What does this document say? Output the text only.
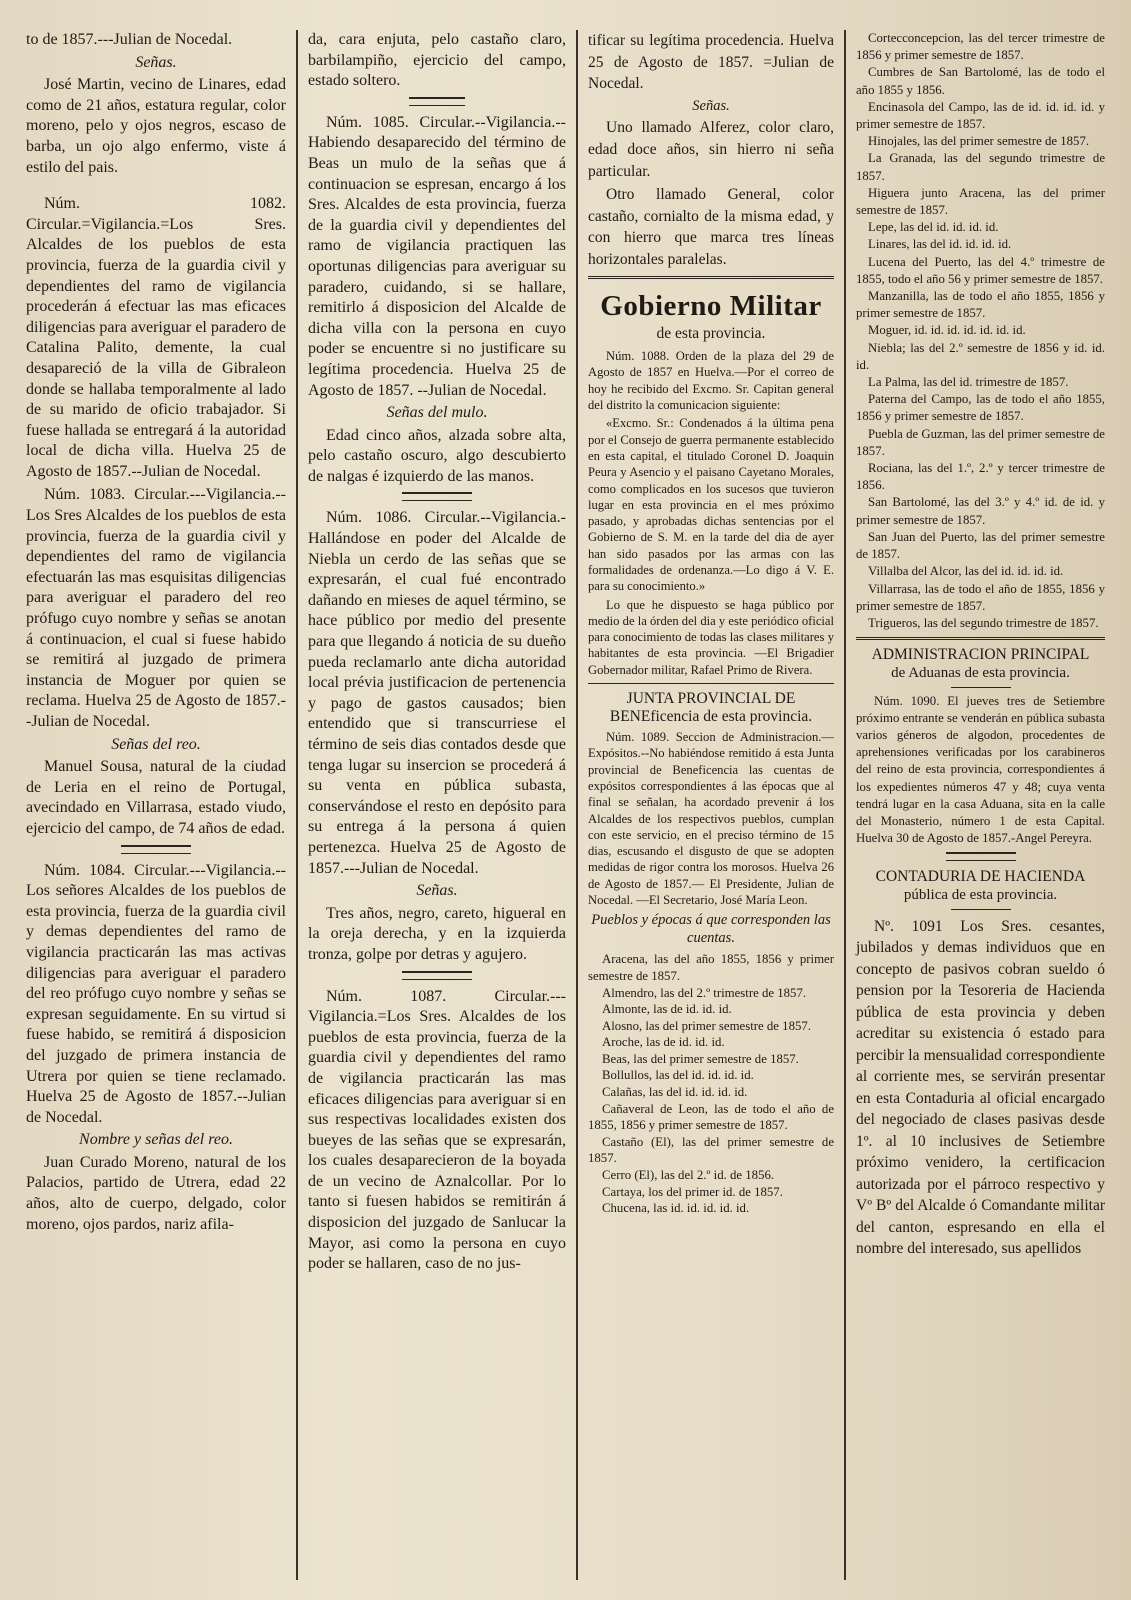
to de 1857.---Julian de Nocedal.

Señas.

José Martin, vecino de Linares, edad como de 21 años, estatura regular, color moreno, pelo y ojos negros, escaso de barba, un ojo algo enfermo, viste á estilo del pais.

Núm. 1082. Circular.=Vigilancia.=Los Sres. Alcaldes de los pueblos de esta provincia, fuerza de la guardia civil y dependientes del ramo de vigilancia procederán á efectuar las mas eficaces diligencias para averiguar el paradero de Catalina Palito, demente, la cual desapareció de la villa de Gibraleon donde se hallaba temporalmente al lado de su marido de oficio trabajador. Si fuese hallada se entregará á la autoridad local de dicha villa. Huelva 25 de Agosto de 1857.--Julian de Nocedal.

Núm. 1083. Circular.---Vigilancia.--Los Sres Alcaldes de los pueblos de esta provincia, fuerza de la guardia civil y dependientes del ramo de vigilancia efectuarán las mas esquisitas diligencias para averiguar el paradero del reo prófugo cuyo nombre y señas se anotan á continuacion, el cual si fuese habido se remitirá al juzgado de primera instancia de Moguer por quien se reclama. Huelva 25 de Agosto de 1857.--Julian de Nocedal.

Señas del reo.

Manuel Sousa, natural de la ciudad de Leria en el reino de Portugal, avecindado en Villarrasa, estado viudo, ejercicio del campo, de 74 años de edad.

Núm. 1084. Circular.---Vigilancia.--Los señores Alcaldes de los pueblos de esta provincia, fuerza de la guardia civil y demas dependientes del ramo de vigilancia practicarán las mas activas diligencias para averiguar el paradero del reo prófugo cuyo nombre y señas se expresan seguidamente. En su virtud si fuese habido, se remitirá á disposicion del juzgado de primera instancia de Utrera por quien se tiene reclamado. Huelva 25 de Agosto de 1857.--Julian de Nocedal.

Nombre y señas del reo.

Juan Curado Moreno, natural de los Palacios, partido de Utrera, edad 22 años, alto de cuerpo, delgado, color moreno, ojos pardos, nariz afila-

da, cara enjuta, pelo castaño claro, barbilampiño, ejercicio del campo, estado soltero.

Núm. 1085. Circular.--Vigilancia.--Habiendo desaparecido del término de Beas un mulo de la señas que á continuacion se espresan, encargo á los Sres. Alcaldes de esta provincia, fuerza de la guardia civil y dependientes del ramo de vigilancia practiquen las oportunas diligencias para averiguar su paradero, cuidando, si se hallare, remitirlo á disposicion del Alcalde de dicha villa con la persona en cuyo poder se encuentre si no justificare su legítima procedencia. Huelva 25 de Agosto de 1857. --Julian de Nocedal.

Señas del mulo.

Edad cinco años, alzada sobre alta, pelo castaño oscuro, algo descubierto de nalgas é izquierdo de las manos.

Núm. 1086. Circular.--Vigilancia.- Hallándose en poder del Alcalde de Niebla un cerdo de las señas que se expresarán, el cual fué encontrado dañando en mieses de aquel término, se hace público por medio del presente para que llegando á noticia de su dueño pueda reclamarlo ante dicha autoridad local prévia justificacion de pertenencia y pago de gastos causados; bien entendido que si transcurriese el término de seis dias contados desde que tenga lugar su insercion se procederá á su venta en pública subasta, conservándose el resto en depósito para su entrega á la persona á quien pertenezca. Huelva 25 de Agosto de 1857.---Julian de Nocedal.

Señas.

Tres años, negro, careto, higueral en la oreja derecha, y en la izquierda tronza, golpe por detras y agujero.

Núm. 1087. Circular.---Vigilancia.=Los Sres. Alcaldes de los pueblos de esta provincia, fuerza de la guardia civil y dependientes del ramo de vigilancia practicarán las mas eficaces diligencias para averiguar si en sus respectivas localidades existen dos bueyes de las señas que se expresarán, los cuales desaparecieron de la boyada de un vecino de Aznalcollar. Por lo tanto si fuesen habidos se remitirán á disposicion del juzgado de Sanlucar la Mayor, asi como la persona en cuyo poder se hallaren, caso de no jus-

tificar su legítima procedencia. Huelva 25 de Agosto de 1857. =Julian de Nocedal.

Señas.

Uno llamado Alferez, color claro, edad doce años, sin hierro ni seña particular.

Otro llamado General, color castaño, cornialto de la misma edad, y con hierro que marca tres líneas horizontales paralelas.

Gobierno Militar
de esta provincia.

Núm. 1088. Orden de la plaza del 29 de Agosto de 1857 en Huelva.—Por el correo de hoy he recibido del Excmo. Sr. Capitan general del distrito la comunicacion siguiente:

«Excmo. Sr.: Condenados á la última pena por el Consejo de guerra permanente establecido en esta capital, el titulado Coronel D. Joaquin Peura y Asencio y el paisano Cayetano Morales, como complicados en los sucesos que tuvieron lugar en esta provincia en el mes próximo pasado, y aprobadas dichas sentencias por el Gobierno de S. M. en la tarde del dia de ayer han sido pasados por las armas con las formalidades de ordenanza.—Lo digo á V. E. para su conocimiento.»

Lo que he dispuesto se haga público por medio de la órden del dia y este periódico oficial para conocimiento de todas las clases militares y habitantes de esta provincia. —El Brigadier Gobernador militar, Rafael Primo de Rivera.

JUNTA PROVINCIAL DE BENEficencia de esta provincia.

Núm. 1089. Seccion de Administracion.—Expósitos.--No habiéndose remitido á esta Junta provincial de Beneficencia las cuentas de expósitos correspondientes á las épocas que al final se señalan, ha acordado prevenir á los Alcaldes de los respectivos pueblos, cumplan con este servicio, en el preciso término de 15 dias, escusando el disgusto de que se adopten medidas de rigor contra los morosos. Huelva 26 de Agosto de 1857.— El Presidente, Julian de Nocedal. —El Secretario, José María Leon.

Pueblos y épocas á que corresponden las cuentas.

Aracena, las del año 1855, 1856 y primer semestre de 1857.

Almendro, las del 2.º trimestre de 1857.

Almonte, las de id. id. id.

Alosno, las del primer semestre de 1857.

Aroche, las de id. id. id.

Beas, las del primer semestre de 1857.

Bollullos, las del id. id. id. id.

Calañas, las del id. id. id. id.

Cañaveral de Leon, las de todo el año de 1855, 1856 y primer semestre de 1857.

Castaño (El), las del primer semestre de 1857.

Cerro (El), las del 2.º id. de 1856.

Cartaya, los del primer id. de 1857.

Chucena, las id. id. id. id. id.

Cortecconcepcion, las del tercer trimestre de 1856 y primer semestre de 1857.

Cumbres de San Bartolomé, las de todo el año 1855 y 1856.

Encinasola del Campo, las de id. id. id. id. y primer semestre de 1857.

Hinojales, las del primer semestre de 1857.

La Granada, las del segundo trimestre de 1857.

Higuera junto Aracena, las del primer semestre de 1857.

Lepe, las del id. id. id. id.

Linares, las del id. id. id. id.

Lucena del Puerto, las del 4.º trimestre de 1855, todo el año 56 y primer semestre de 1857.

Manzanilla, las de todo el año 1855, 1856 y primer semestre de 1857.

Moguer, id. id. id. id. id. id. id.

Niebla; las del 2.º semestre de 1856 y id. id. id.

La Palma, las del id. trimestre de 1857.

Paterna del Campo, las de todo el año 1855, 1856 y primer semestre de 1857.

Puebla de Guzman, las del primer semestre de 1857.

Rociana, las del 1.º, 2.º y tercer trimestre de 1856.

San Bartolomé, las del 3.º y 4.º id. de id. y primer semestre de 1857.

San Juan del Puerto, las del primer semestre de 1857.

Villalba del Alcor, las del id. id. id. id.

Villarrasa, las de todo el año de 1855, 1856 y primer semestre de 1857.

Trigueros, las del segundo trimestre de 1857.

ADMINISTRACION PRINCIPAL
de Aduanas de esta provincia.

Núm. 1090. El jueves tres de Setiembre próximo entrante se venderán en pública subasta varios géneros de algodon, procedentes de aprehensiones verificadas por los carabineros del reino de esta provincia, correspondientes á los expedientes números 47 y 48; cuya venta tendrá lugar en la casa Aduana, sita en la calle del Monasterio, número 1 de esta Capital. Huelva 30 de Agosto de 1857.-Angel Pereyra.

CONTADURIA DE HACIENDA
pública de esta provincia.

Nº. 1091 Los Sres. cesantes, jubilados y demas individuos que en concepto de pasivos cobran sueldo ó pension por la Tesoreria de Hacienda pública de esta provincia y deben acreditar su existencia ó estado para percibir la mensualidad correspondiente al corriente mes, se servirán presentar en esta Contaduria al oficial encargado del negociado de clases pasivas desde 1º. al 10 inclusives de Setiembre próximo venidero, la certificacion autorizada por el párroco respectivo y Vº Bº del Alcalde ó Comandante militar del canton, espresando en ella el nombre del interesado, sus apellidos
